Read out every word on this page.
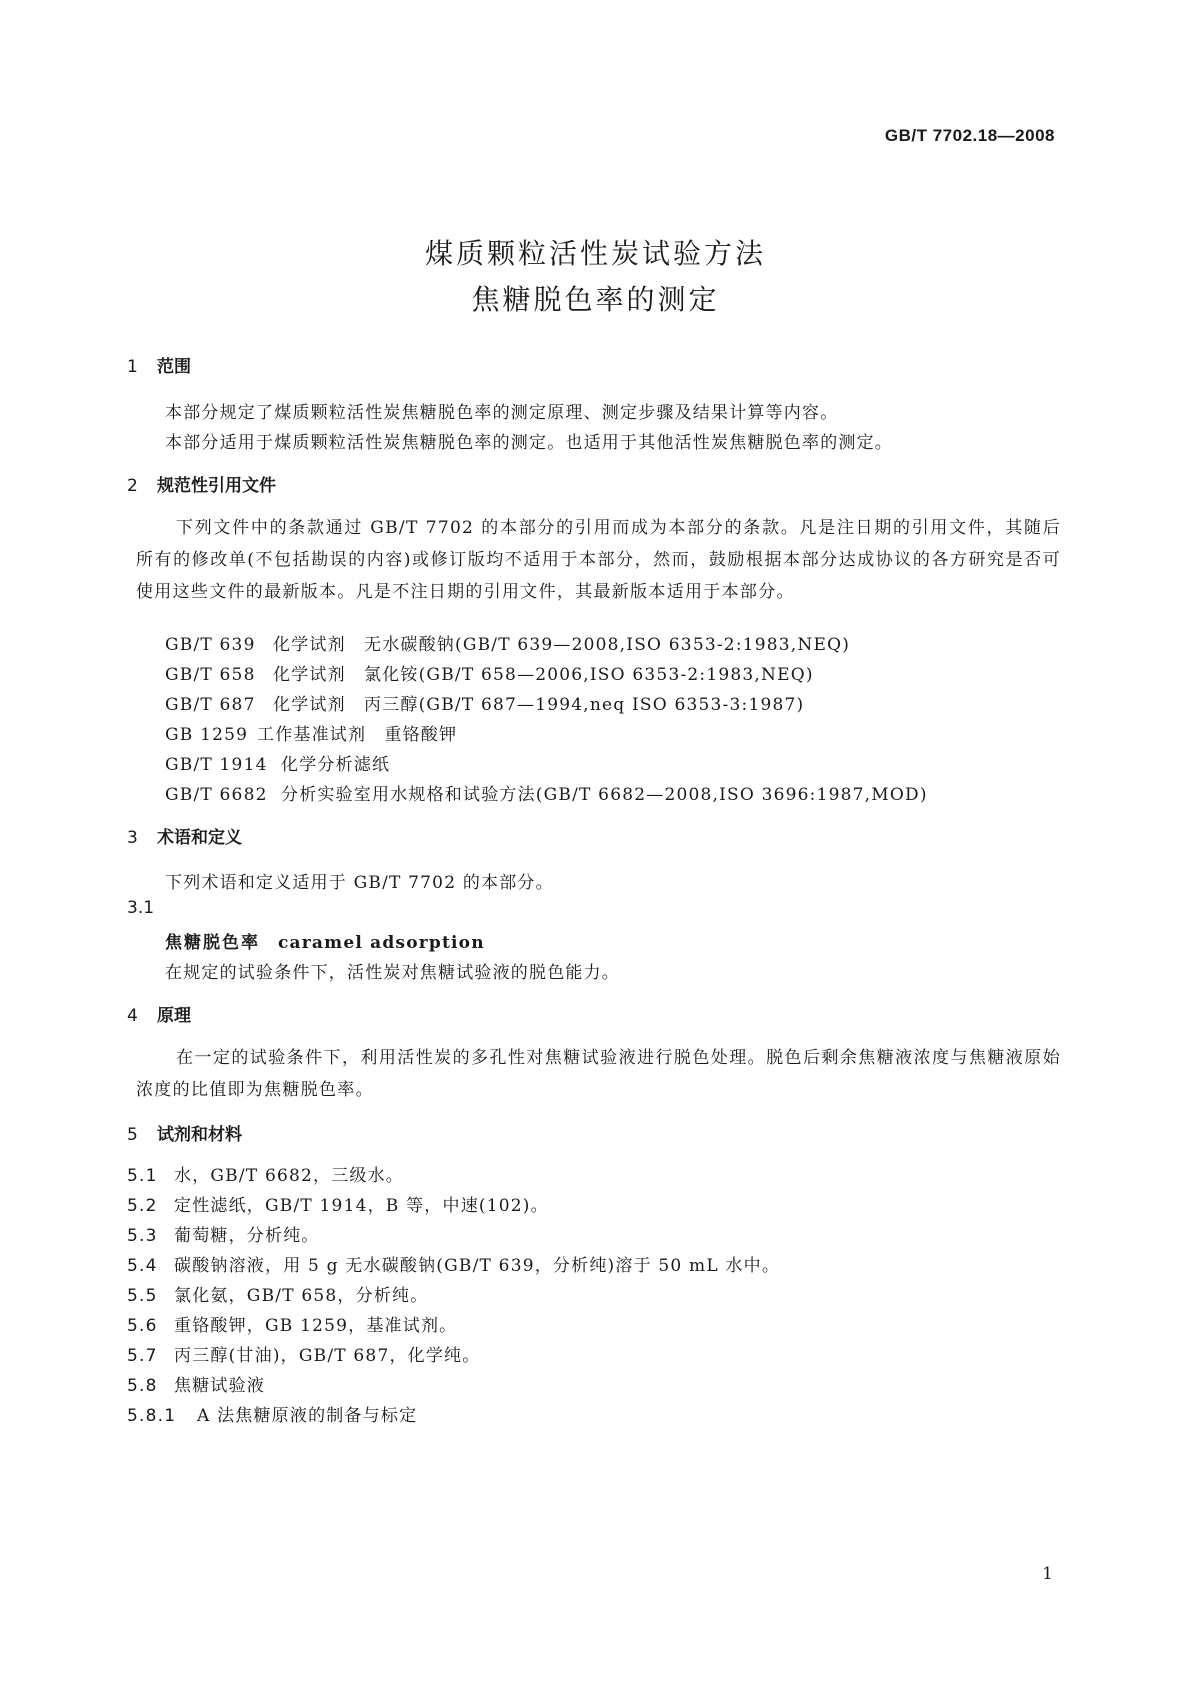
GB/T 7702.18—2008
煤质颗粒活性炭试验方法
焦糖脱色率的测定
1 范围
本部分规定了煤质颗粒活性炭焦糖脱色率的测定原理、测定步骤及结果计算等内容。
本部分适用于煤质颗粒活性炭焦糖脱色率的测定。也适用于其他活性炭焦糖脱色率的测定。
2 规范性引用文件
下列文件中的条款通过 GB/T 7702 的本部分的引用而成为本部分的条款。凡是注日期的引用文件，其随后所有的修改单(不包括勘误的内容)或修订版均不适用于本部分，然而，鼓励根据本部分达成协议的各方研究是否可使用这些文件的最新版本。凡是不注日期的引用文件，其最新版本适用于本部分。
GB/T 639 化学试剂　无水碳酸钠(GB/T 639—2008,ISO 6353-2:1983,NEQ)
GB/T 658 化学试剂　氯化铵(GB/T 658—2006,ISO 6353-2:1983,NEQ)
GB/T 687 化学试剂　丙三醇(GB/T 687—1994,neq ISO 6353-3:1987)
GB 1259 工作基准试剂　重铬酸钾
GB/T 1914 化学分析滤纸
GB/T 6682 分析实验室用水规格和试验方法(GB/T 6682—2008,ISO 3696:1987,MOD)
3 术语和定义
下列术语和定义适用于 GB/T 7702 的本部分。
3.1
焦糖脱色率 caramel adsorption
在规定的试验条件下，活性炭对焦糖试验液的脱色能力。
4 原理
在一定的试验条件下，利用活性炭的多孔性对焦糖试验液进行脱色处理。脱色后剩余焦糖液浓度与焦糖液原始浓度的比值即为焦糖脱色率。
5 试剂和材料
5.1 水，GB/T 6682，三级水。
5.2 定性滤纸，GB/T 1914，B 等，中速(102)。
5.3 葡萄糖，分析纯。
5.4 碳酸钠溶液，用 5 g 无水碳酸钠(GB/T 639，分析纯)溶于 50 mL 水中。
5.5 氯化氨，GB/T 658，分析纯。
5.6 重铬酸钾，GB 1259，基准试剂。
5.7 丙三醇(甘油)，GB/T 687，化学纯。
5.8 焦糖试验液
5.8.1 A 法焦糖原液的制备与标定
1
